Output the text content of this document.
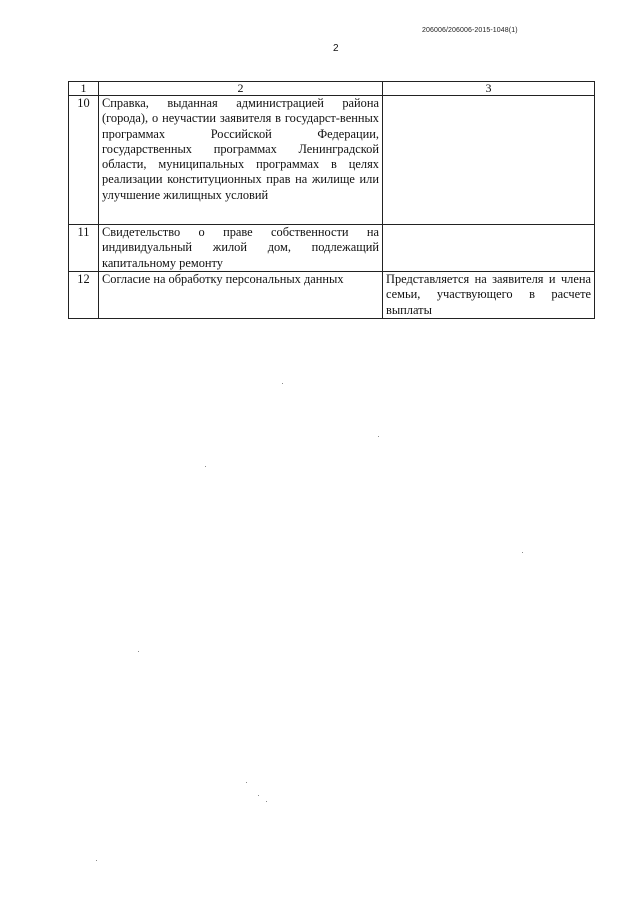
206006/206006-2015-1048(1)
2
1	2	3
10	Справка, выданная администрацией района (города), о неучастии заявителя в государст-венных программах Российской Федерации, государственных программах Ленинградской области, муниципальных программах в целях реализации конституционных прав на жилище или улучшение жилищных условий	
11	Свидетельство о праве собственности на индивидуальный жилой дом, подлежащий капитальному ремонту	
12	Согласие на обработку персональных данных	Представляется на заявителя и члена семьи, участвующего в расчете выплаты
